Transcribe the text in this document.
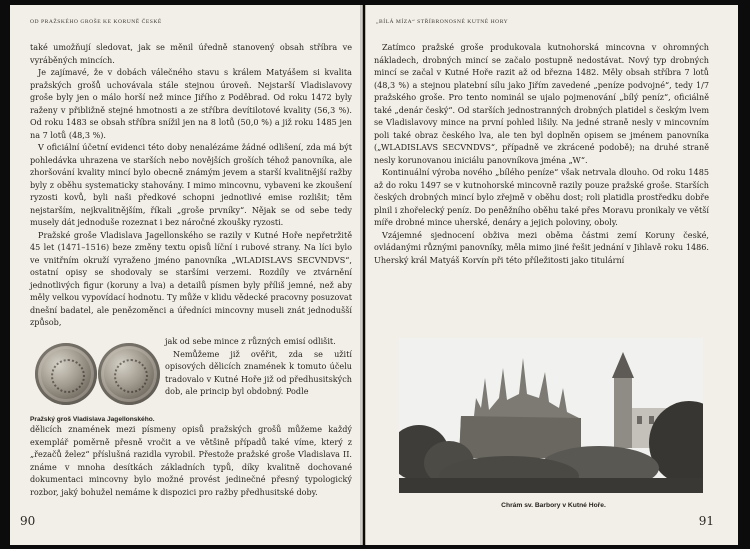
OD PRAŽSKÉHO GROŠE KE KORUNĚ ČESKÉ

také umožňují sledovat, jak se měnil úředně stanovený obsah stříbra ve vyráběných mincích.

Je zajímavé, že v dobách válečného stavu s králem Matyášem si kvalita pražských grošů uchovávala stále stejnou úroveň. Nejstarší Vladislavovy groše byly jen o málo horší než mince Jiřího z Poděbrad. Od roku 1472 byly raženy v přibližně stejné hmotnosti a ze stříbra devítilotové kvality (56,3 %). Od roku 1483 se obsah stříbra snížil jen na 8 lotů (50,0 %) a již roku 1485 jen na 7 lotů (48,3 %).

V oficiální účetní evidenci této doby nenalézáme žádné odlišení, zda má být pohledávka uhrazena ve starších nebo novějších groších téhož panovníka, ale zhoršování kvality mincí bylo obecně známým jevem a starší kvalitnější ražby byly z oběhu systematicky stahovány. I mimo mincovnu, vybaveni ke zkoušení ryzosti kovů, byli naši předkové schopni jednotlivé emise rozlišit; těm nejstarším, nejkvalitnějším, říkali „groše prvníky“. Nějak se od sebe tedy musely dát jednoduše rozeznat i bez náročné zkoušky ryzosti.

Pražské groše Vladislava Jagellonského se razily v Kutné Hoře nepřetržitě 45 let (1471–1516) beze změny textu opisů líční i rubové strany. Na líci bylo ve vnitřním okruží vyraženo jméno panovníka „WLADISLAVS SECVNDVS“, ostatní opisy se shodovaly se staršími verzemi. Rozdíly ve ztvárnění jednotlivých figur (koruny a lva) a detailů písmen byly příliš jemné, než aby měly velkou vypovídací hodnotu. Ty může v klidu vědecké pracovny posuzovat dnešní badatel, ale penězoměnci a úředníci mincovny museli znát jednodušší způsob,

Pražský groš Vladislava Jagellonského.

jak od sebe mince z různých emisí odlišit.

Nemůžeme již ověřit, zda se užití opisových dělicích znamének k tomuto účelu tradovalo v Kutné Hoře již od předhusitských dob, ale princip byl obdobný. Podle

dělicích znamének mezi písmeny opisů pražských grošů můžeme každý exemplář poměrně přesně vročit a ve většině případů také víme, který z „řezačů želez“ příslušná razidla vyrobil. Přestože pražské groše Vladislava II. známe v mnoha desítkách základních typů, díky kvalitně dochované dokumentaci mincovny bylo možné provést jedinečné přesný typologický rozbor, jaký bohužel nemáme k dispozici pro ražby předhusitské doby.

90
„BÍLÁ MÍZA“ STŘÍBRONOSNÉ KUTNÉ HORY

Zatímco pražské groše produkovala kutnohorská mincovna v ohromných nákladech, drobných mincí se začalo postupně nedostávat. Nový typ drobných mincí se začal v Kutné Hoře razit až od března 1482. Měly obsah stříbra 7 lotů (48,3 %) a stejnou platební sílu jako Jiřím zavedené „peníze podvojné“, tedy 1/7 pražského groše. Pro tento nominál se ujalo pojmenování „bílý peníz“, oficiálně také „denár český“. Od starších jednostranných drobných platidel s českým lvem se Vladislavovy mince na první pohled lišily. Na jedné straně nesly v mincovním poli také obraz českého lva, ale ten byl doplněn opisem se jménem panovníka („WLADISLAVS SECVNDVS“, případně ve zkrácené podobě); na druhé straně nesly korunovanou iniciálu panovníkova jména „W“.

Kontinuální výroba nového „bílého peníze“ však netrvala dlouho. Od roku 1485 až do roku 1497 se v kutnohorské mincovně razily pouze pražské groše. Starších českých drobných mincí bylo zřejmě v oběhu dost; roli platidla prostředku dobře plnil i zhořelecký peníz. Do peněžního oběhu také přes Moravu pronikaly ve větší míře drobné mince uherské, denáry a jejich poloviny, oboly.

Vzájemné sjednocení obživa mezi oběma částmi zemí Koruny české, ovládanými různými panovníky, měla mimo jiné řešit jednání v Jihlavě roku 1486. Uherský král Matyáš Korvín při této příležitosti jako titulární

Chrám sv. Barbory v Kutné Hoře.
91
